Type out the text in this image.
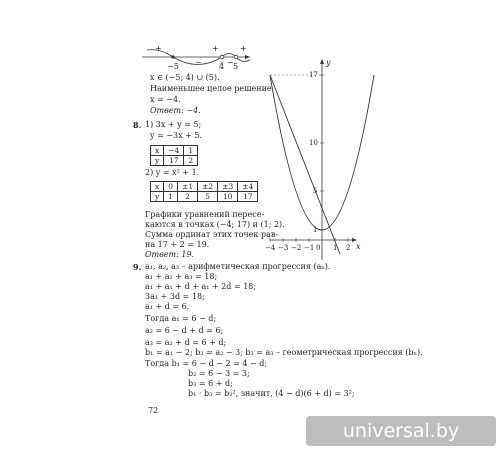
+
−
+
−
+
−5	4 5
x ∈ (−5; 4) ∪ (5).
Наименьшее целое решение
x = −4.
Ответ: −4.
8. 1) 3x + y = 5;
y = −3x + 5.
x	−4	1
y	17	2
2) y = x² + 1.
x	0	±1	±2	±3	±4
y	1	2	5	10	17
Графики уравнений пересе-
каются в точках (−4; 17) и (1; 2).
Сумма ординат этих точек рав-
на 17 + 2 = 19.
Ответ: 19.
y
x
17
10
5
1
−4 −3 −2 −1 0 1 2
9. a₁, a₂, a₃ – арифметическая прогрессия (aₙ).
a₁ + a₂ + a₃ = 18;
a₁ + a₁ + d + a₁ + 2d = 18;
3a₁ + 3d = 18;
a₁ + d = 6.
Тогда a₁ = 6 − d;
a₂ = 6 − d + d = 6;
a₃ = a₂ + d = 6 + d;
b₁ = a₁ − 2; b₂ = a₂ − 3; b₃ = a₃ – геометрическая прогрессия (bₙ).
Тогда b₁ = 6 − d − 2 = 4 − d;
b₂ = 6 − 3 = 3;
b₃ = 6 + d;
b₁ · b₃ = b₂², значит, (4 − d)(6 + d) = 3²;
72
universal.by
